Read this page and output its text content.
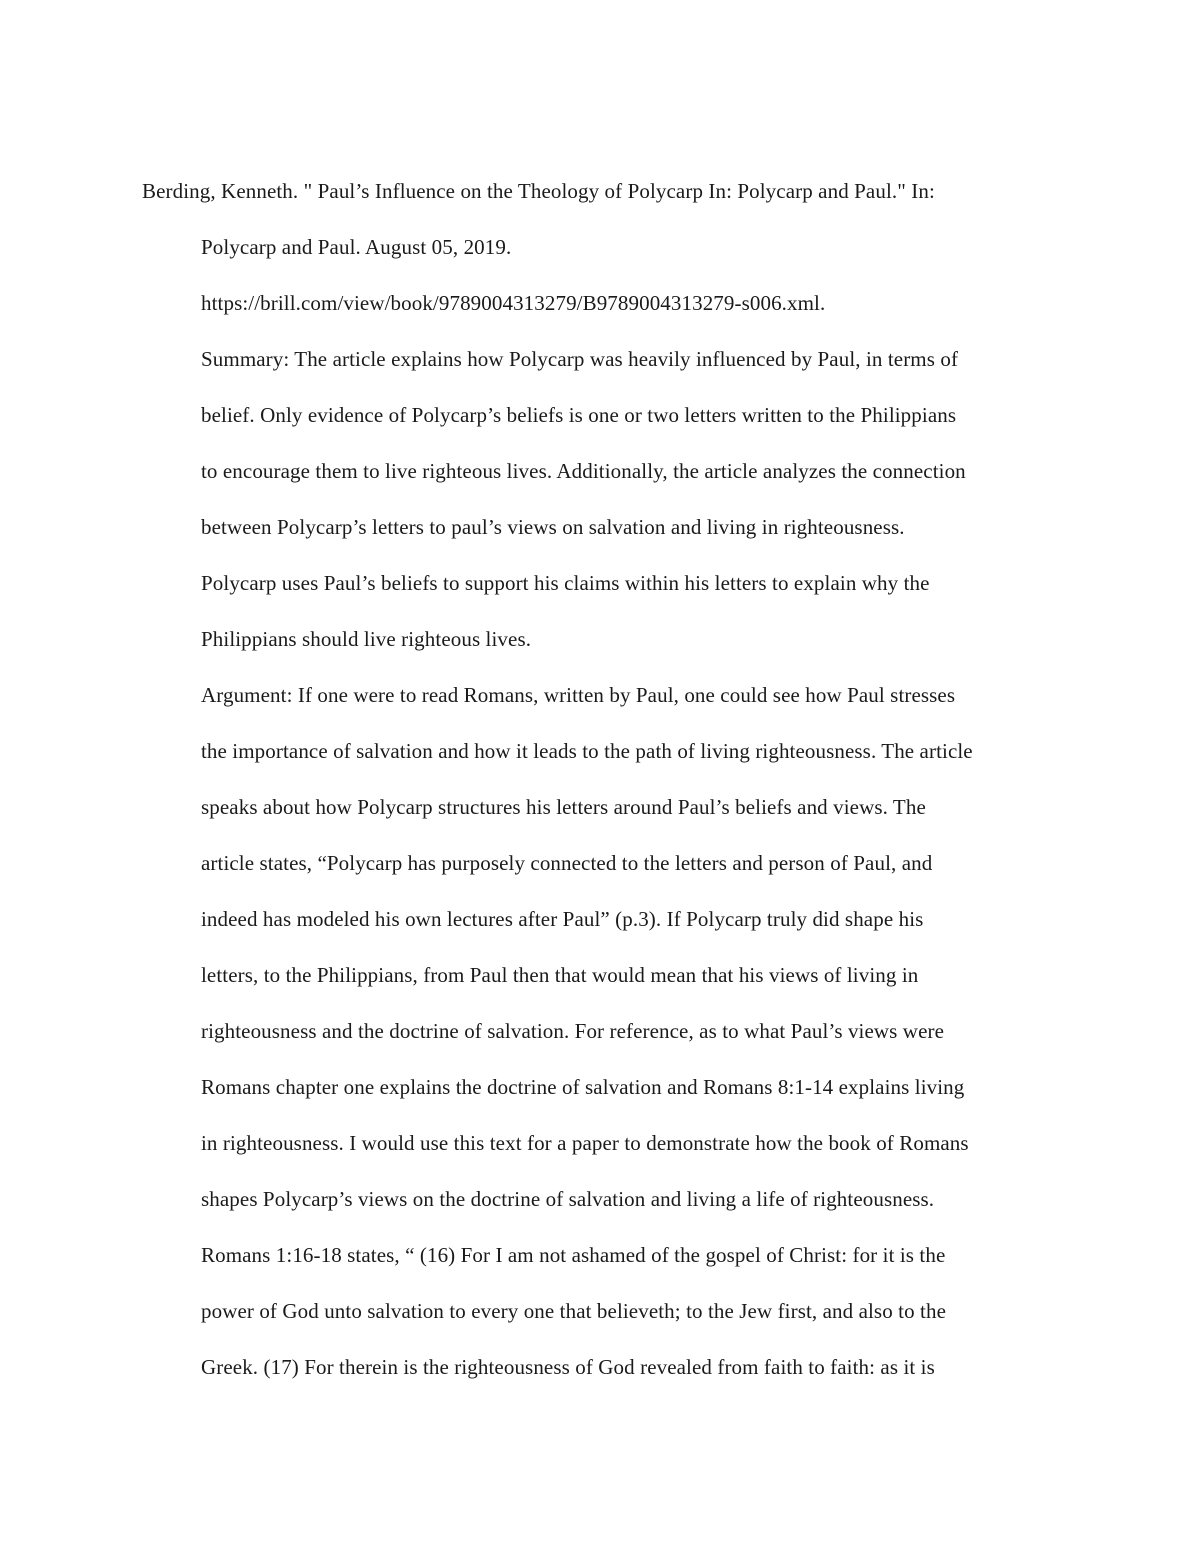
Berding, Kenneth. " Paul’s Influence on the Theology of Polycarp In: Polycarp and Paul." In:
Polycarp and Paul. August 05, 2019.
https://brill.com/view/book/9789004313279/B9789004313279-s006.xml.
Summary: The article explains how Polycarp was heavily influenced by Paul, in terms of
belief. Only evidence of Polycarp’s beliefs is one or two letters written to the Philippians
to encourage them to live righteous lives. Additionally, the article analyzes the connection
between Polycarp’s letters to paul’s views on salvation and living in righteousness.
Polycarp uses Paul’s beliefs to support his claims within his letters to explain why the
Philippians should live righteous lives.
Argument: If one were to read Romans, written by Paul, one could see how Paul stresses
the importance of salvation and how it leads to the path of living righteousness. The article
speaks about how Polycarp structures his letters around Paul’s beliefs and views. The
article states, “Polycarp has purposely connected to the letters and person of Paul, and
indeed has modeled his own lectures after Paul” (p.3). If Polycarp truly did shape his
letters, to the Philippians, from Paul then that would mean that his views of living in
righteousness and the doctrine of salvation. For reference, as to what Paul’s views were
Romans chapter one explains the doctrine of salvation and Romans 8:1-14 explains living
in righteousness. I would use this text for a paper to demonstrate how the book of Romans
shapes Polycarp’s views on the doctrine of salvation and living a life of righteousness.
Romans 1:16-18 states, “ (16) For I am not ashamed of the gospel of Christ: for it is the
power of God unto salvation to every one that believeth; to the Jew first, and also to the
Greek. (17) For therein is the righteousness of God revealed from faith to faith: as it is
